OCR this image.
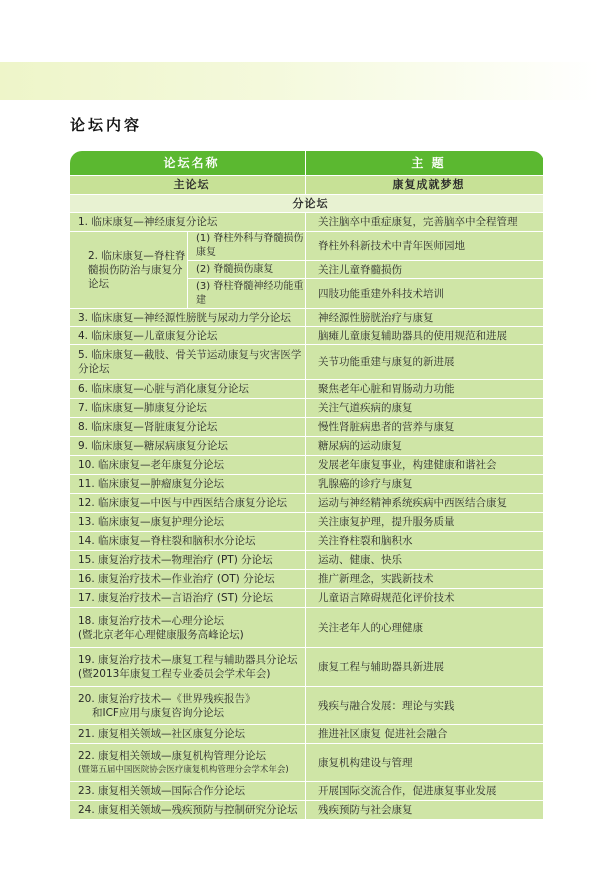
论坛内容
论坛名称		主 题
主论坛		康复成就梦想
分论坛		
1. 临床康复—神经康复分论坛		关注脑卒中重症康复，完善脑卒中全程管理
2. 临床康复—脊柱脊髓损伤防治与康复分论坛	(1) 脊柱外科与脊髓损伤康复	脊柱外科新技术中青年医师园地
	(2) 脊髓损伤康复	关注儿童脊髓损伤
	(3) 脊柱脊髓神经功能重建	四肢功能重建外科技术培训
3. 临床康复—神经源性膀胱与尿动力学分论坛		神经源性膀胱治疗与康复
4. 临床康复—儿童康复分论坛		脑瘫儿童康复辅助器具的使用规范和进展
5. 临床康复—截肢、骨关节运动康复与灾害医学分论坛		关节功能重建与康复的新进展
6. 临床康复—心脏与消化康复分论坛		聚焦老年心脏和胃肠动力功能
7. 临床康复—肺康复分论坛		关注气道疾病的康复
8. 临床康复—肾脏康复分论坛		慢性肾脏病患者的营养与康复
9. 临床康复—糖尿病康复分论坛		糖尿病的运动康复
10. 临床康复—老年康复分论坛		发展老年康复事业，构建健康和谐社会
11. 临床康复—肿瘤康复分论坛		乳腺癌的诊疗与康复
12. 临床康复—中医与中西医结合康复分论坛		运动与神经精神系统疾病中西医结合康复
13. 临床康复—康复护理分论坛		关注康复护理，提升服务质量
14. 临床康复—脊柱裂和脑积水分论坛		关注脊柱裂和脑积水
15. 康复治疗技术—物理治疗 (PT) 分论坛		运动、健康、快乐
16. 康复治疗技术—作业治疗 (OT) 分论坛		推广新理念，实践新技术
17. 康复治疗技术—言语治疗 (ST) 分论坛		儿童语言障碍规范化评价技术

18. 康复治疗技术—心理分论坛
(暨北京老年心理健康服务高峰论坛)		关注老年人的心理健康

19. 康复治疗技术—康复工程与辅助器具分论坛
(暨2013年康复工程专业委员会学术年会)		康复工程与辅助器具新进展

20. 康复治疗技术—《世界残疾报告》
和ICF应用与康复咨询分论坛		残疾与融合发展：理论与实践
21. 康复相关领域—社区康复分论坛		推进社区康复 促进社会融合

22. 康复相关领域—康复机构管理分论坛
(暨第五届中国医院协会医疗康复机构管理分会学术年会)		康复机构建设与管理
23. 康复相关领域—国际合作分论坛		开展国际交流合作，促进康复事业发展
24. 康复相关领域—残疾预防与控制研究分论坛		残疾预防与社会康复
